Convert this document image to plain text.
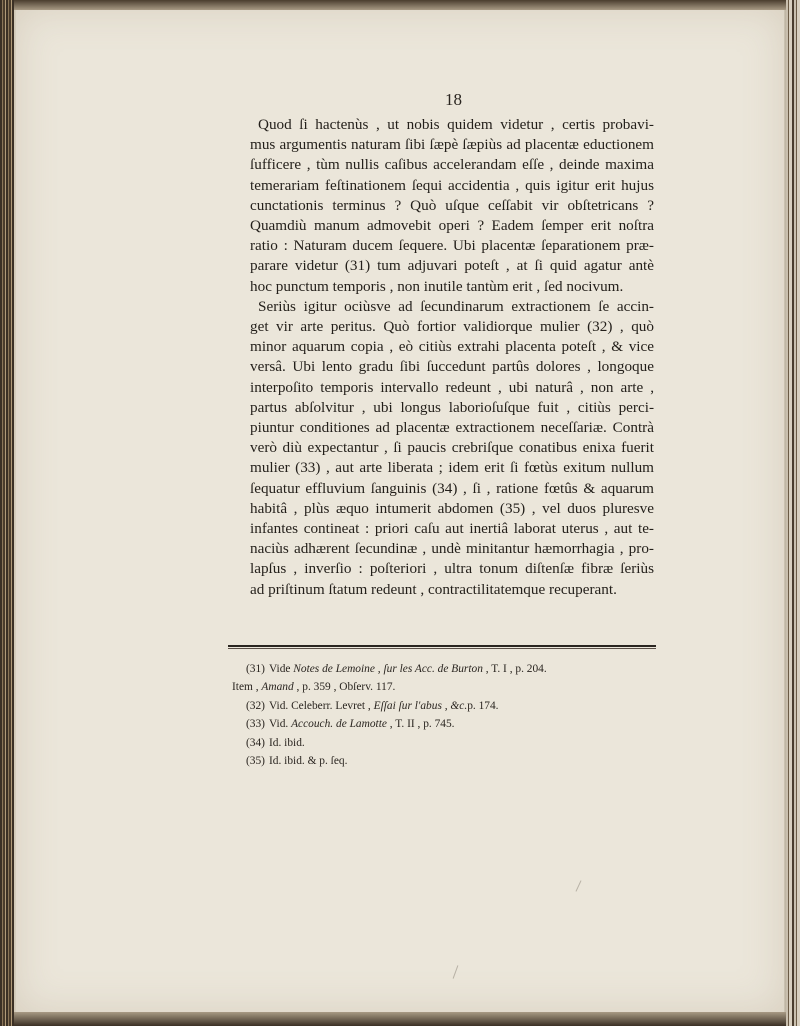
18
Quod ſi hactenùs , ut nobis quidem videtur , certis probavi-
mus argumentis naturam ſibi ſæpè ſæpiùs ad placentæ eductionem
ſufficere , tùm nullis caſibus accelerandam eſſe , deinde maxima
temerariam feſtinationem ſequi accidentia , quis igitur erit hujus
cunctationis terminus ? Quò uſque ceſſabit vir obſtetricans ?
Quamdiù manum admovebit operi ? Eadem ſemper erit noſtra
ratio : Naturam ducem ſequere. Ubi placentæ ſeparationem præ-
parare videtur (31) tum adjuvari poteſt , at ſi quid agatur antè
hoc punctum temporis , non inutile tantùm erit , ſed nocivum.
Seriùs igitur ociùsve ad ſecundinarum extractionem ſe accin-
get vir arte peritus. Quò fortior validiorque mulier (32) , quò
minor aquarum copia , eò citiùs extrahi placenta poteſt , & vice
versâ. Ubi lento gradu ſibi ſuccedunt partûs dolores , longoque
interpoſito temporis intervallo redeunt , ubi naturâ , non arte ,
partus abſolvitur , ubi longus laborioſuſque fuit , citiùs perci-
piuntur conditiones ad placentæ extractionem neceſſariæ. Contrà
verò diù expectantur , ſi paucis crebriſque conatibus enixa fuerit
mulier (33) , aut arte liberata ; idem erit ſi fœtùs exitum nullum
ſequatur effluvium ſanguinis (34) , ſi , ratione fœtûs & aquarum
habitâ , plùs æquo intumerit abdomen (35) , vel duos pluresve
infantes contineat : priori caſu aut inertiâ laborat uterus , aut te-
naciùs adhærent ſecundinæ , undè minitantur hæmorrhagia , pro-
lapſus , inverſio : poſteriori , ultra tonum diſtenſæ fibræ ſeriùs
ad priſtinum ſtatum redeunt , contractilitatemque recuperant.
(31) Vide Notes de Lemoine , ſur les Acc. de Burton , T. I , p. 204.
Item , Amand , p. 359 , Obſerv. 117.
(32) Vid. Celeberr. Levret , Eſſai ſur l'abus , &c.p. 174.
(33) Vid. Accouch. de Lamotte , T. II , p. 745.
(34) Id. ibid.
(35) Id. ibid. & p. ſeq.
